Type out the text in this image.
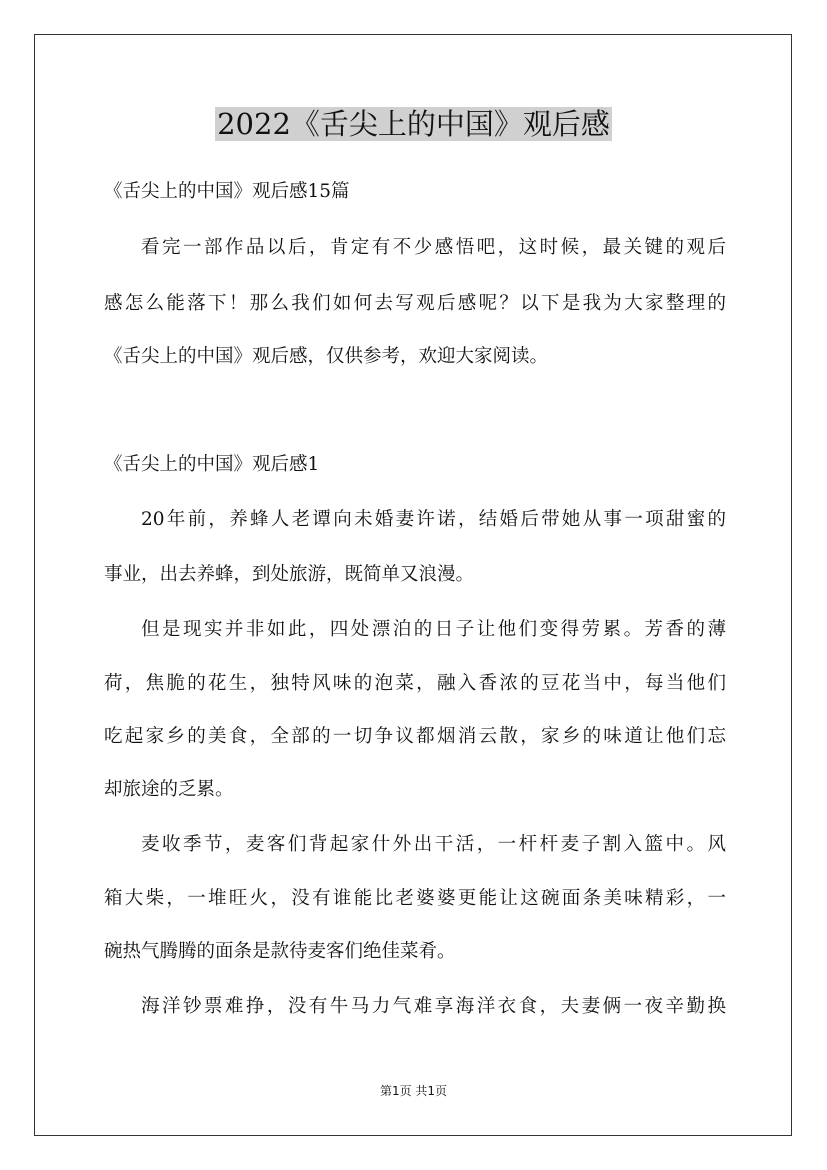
2022《舌尖上的中国》观后感
《舌尖上的中国》观后感15篇
看完一部作品以后，肯定有不少感悟吧，这时候，最关键的观后
感怎么能落下！那么我们如何去写观后感呢？以下是我为大家整理的
《舌尖上的中国》观后感，仅供参考，欢迎大家阅读。
《舌尖上的中国》观后感1
20年前，养蜂人老谭向未婚妻许诺，结婚后带她从事一项甜蜜的
事业，出去养蜂，到处旅游，既简单又浪漫。
但是现实并非如此，四处漂泊的日子让他们变得劳累。芳香的薄
荷，焦脆的花生，独特风味的泡菜，融入香浓的豆花当中，每当他们
吃起家乡的美食，全部的一切争议都烟消云散，家乡的味道让他们忘
却旅途的乏累。
麦收季节，麦客们背起家什外出干活，一杆杆麦子割入篮中。风
箱大柴，一堆旺火，没有谁能比老婆婆更能让这碗面条美味精彩，一
碗热气腾腾的面条是款待麦客们绝佳菜肴。
海洋钞票难挣，没有牛马力气难享海洋衣食，夫妻俩一夜辛勤换
第1页 共1页
